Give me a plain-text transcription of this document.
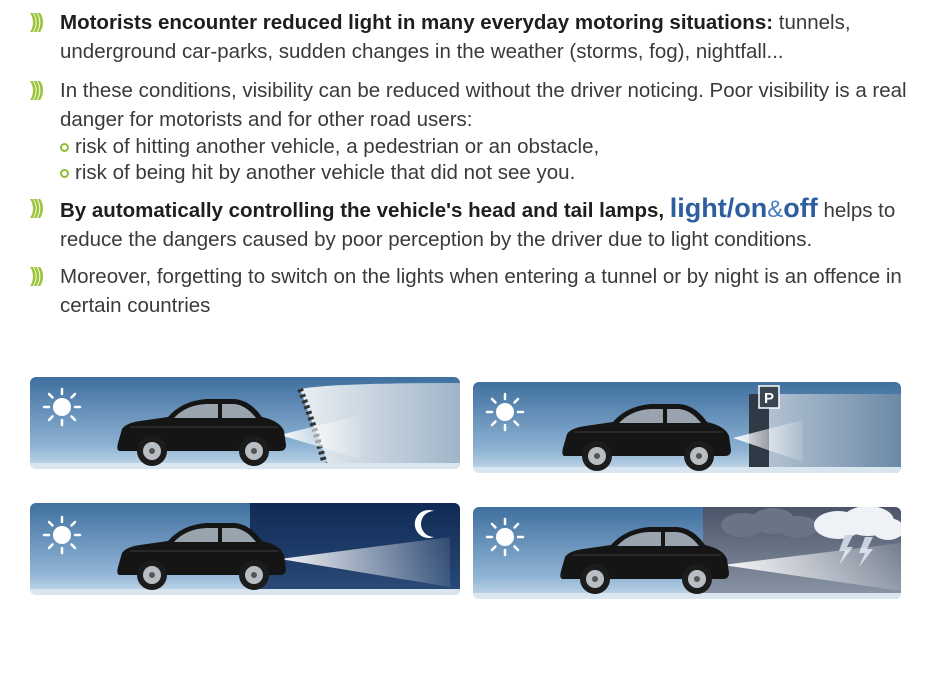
))) Motorists encounter reduced light in many everyday motoring situations: tunnels, underground car-parks, sudden changes in the weather (storms, fog), nightfall...
))) In these conditions, visibility can be reduced without the driver noticing. Poor visibility is a real danger for motorists and for other road users:
risk of hitting another vehicle, a pedestrian or an obstacle,
risk of being hit by another vehicle that did not see you.
))) By automatically controlling the vehicle's head and tail lamps, light/on&off helps to reduce the dangers caused by poor perception by the driver due to light conditions.
))) Moreover, forgetting to switch on the lights when entering a tunnel or by night is an offence in certain countries
P
